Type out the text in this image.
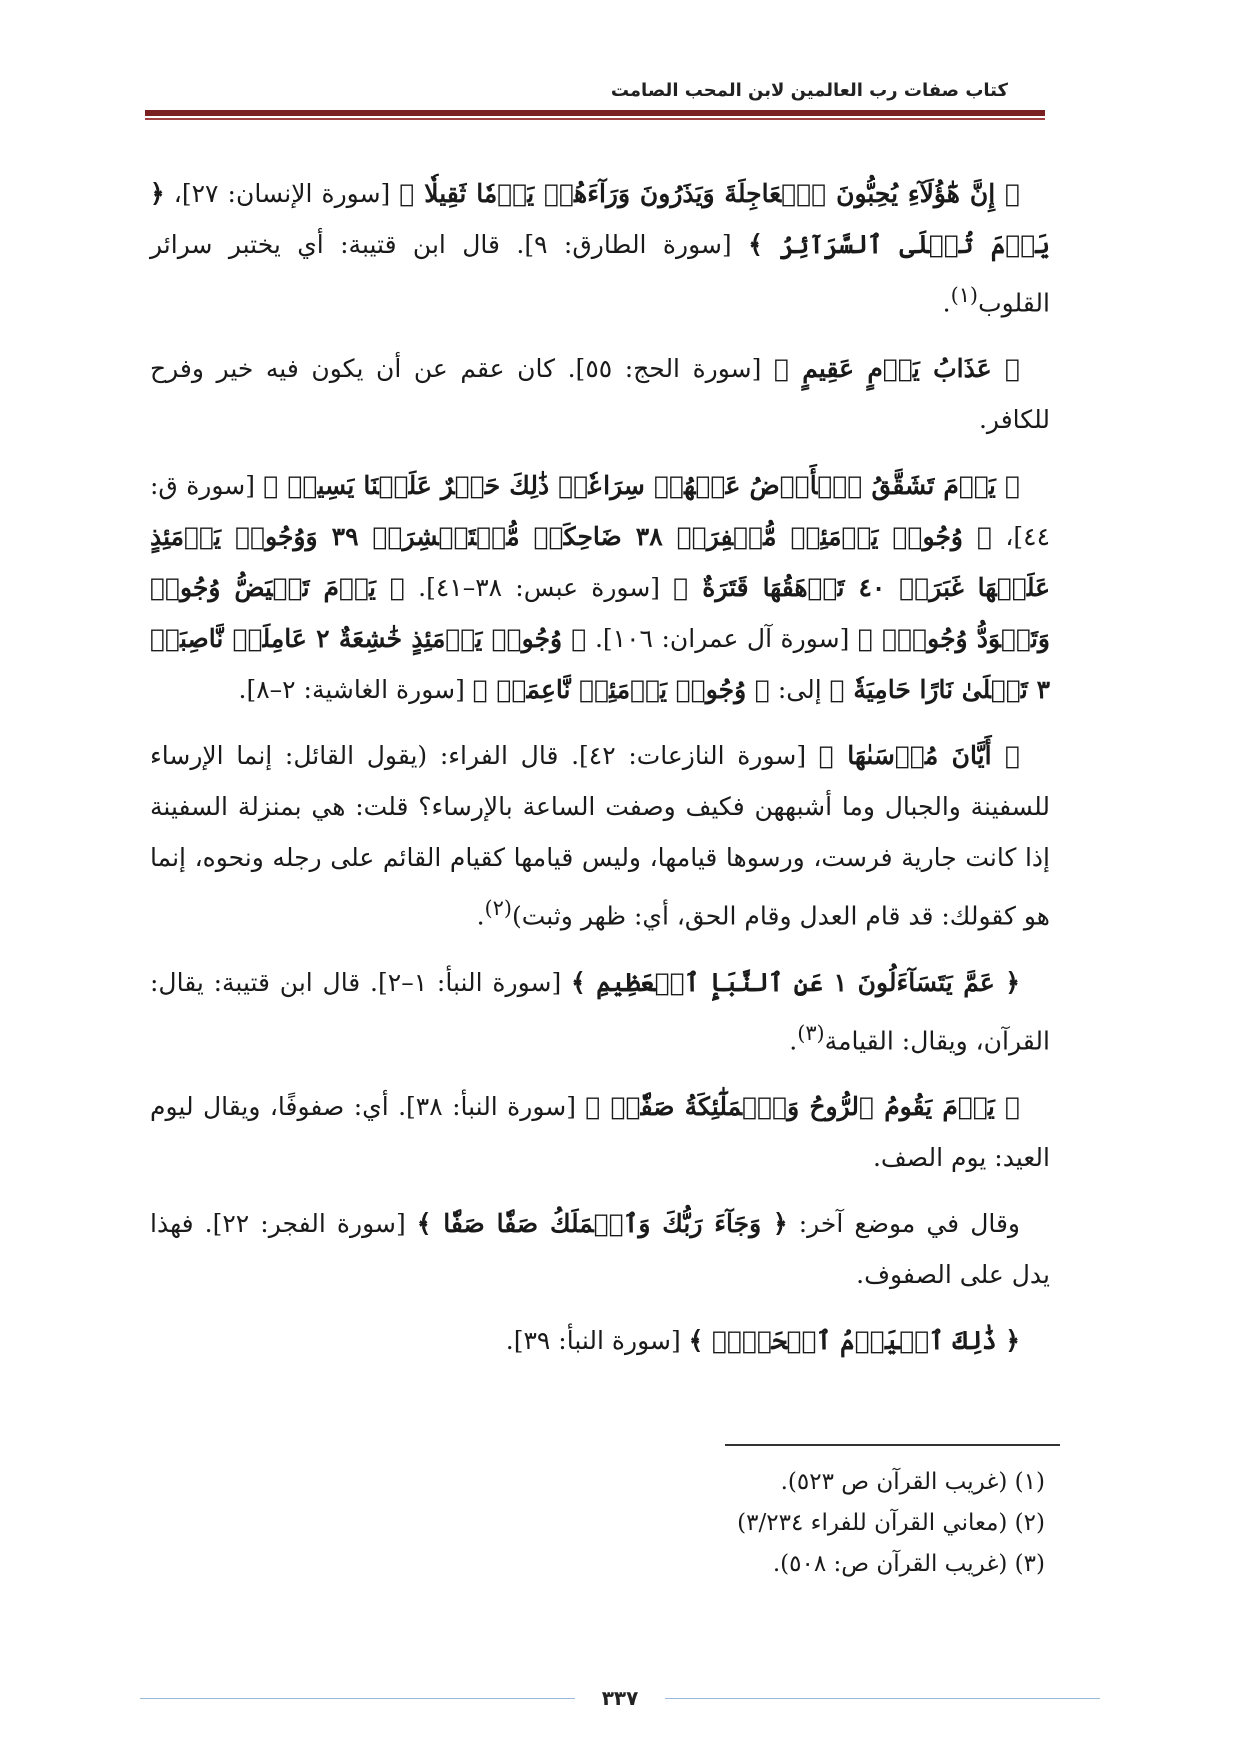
كتاب صفات رب العالمين لابن المحب الصامت

﴿ إِنَّ هَٰٓؤُلَآءِ يُحِبُّونَ ٱلۡعَاجِلَةَ وَيَذَرُونَ وَرَآءَهُمۡ يَوۡمٗا ثَقِيلٗا ﴾ [سورة الإنسان: ٢٧]، ﴿ يَوۡمَ تُبۡلَى ٱلسَّرَآئِرُ ﴾ [سورة الطارق: ٩]. قال ابن قتيبة: أي يختبر سرائر القلوب$^{(١)}$.

﴿ عَذَابُ يَوۡمٍ عَقِيمٍ ﴾ [سورة الحج: ٥٥]. كان عقم عن أن يكون فيه خير وفرح للكافر.

﴿ يَوۡمَ تَشَقَّقُ ٱلۡأَرۡضُ عَنۡهُمۡ سِرَاعٗاۚ ذَٰلِكَ حَشۡرٌ عَلَيۡنَا يَسِيرٞ ﴾ [سورة ق: ٤٤]، ﴿ وُجُوهٞ يَوۡمَئِذٖ مُّسۡفِرَةٞ ٣٨ ضَاحِكَةٞ مُّسۡتَبۡشِرَةٞ ٣٩ وَوُجُوهٞ يَوۡمَئِذٍ عَلَيۡهَا غَبَرَةٞ ٤٠ تَرۡهَقُهَا قَتَرَةٌ ﴾ [سورة عبس: ٣٨–٤١]. ﴿ يَوۡمَ تَبۡيَضُّ وُجُوهٞ وَتَسۡوَدُّ وُجُوهٞۚ ﴾ [سورة آل عمران: ١٠٦]. ﴿ وُجُوهٞ يَوۡمَئِذٍ خَٰشِعَةٌ ٢ عَامِلَةٞ نَّاصِبَةٞ ٣ تَصۡلَىٰ نَارًا حَامِيَةٗ ﴾ إلى: ﴿ وُجُوهٞ يَوۡمَئِذٖ نَّاعِمَةٞ ﴾ [سورة الغاشية: ٢–٨].

﴿ أَيَّانَ مُرۡسَىٰهَا ﴾ [سورة النازعات: ٤٢]. قال الفراء: (يقول القائل: إنما الإرساء للسفينة والجبال وما أشبههن فكيف وصفت الساعة بالإرساء؟ قلت: هي بمنزلة السفينة إذا كانت جارية فرست، ورسوها قيامها، وليس قيامها كقيام القائم على رجله ونحوه، إنما هو كقولك: قد قام العدل وقام الحق، أي: ظهر وثبت)$^{(٢)}$.

﴿ عَمَّ يَتَسَآءَلُونَ ١ عَنِ ٱلنَّبَإِ ٱلۡعَظِيمِ ﴾ [سورة النبأ: ١–٢]. قال ابن قتيبة: يقال: القرآن، ويقال: القيامة$^{(٣)}$.

﴿ يَوۡمَ يَقُومُ ٱلرُّوحُ وَٱلۡمَلَٰٓئِكَةُ صَفّٗاۖ ﴾ [سورة النبأ: ٣٨]. أي: صفوفًا، ويقال ليوم العيد: يوم الصف.

وقال في موضع آخر: ﴿ وَجَآءَ رَبُّكَ وَٱلۡمَلَكُ صَفّٗا صَفّٗا ﴾ [سورة الفجر: ٢٢]. فهذا يدل على الصفوف.

﴿ ذَٰلِكَ ٱلۡيَوۡمُ ٱلۡحَقُّۖ ﴾ [سورة النبأ: ٣٩].

(١) (غريب القرآن ص ٥٢٣).
(٢) (معاني القرآن للفراء ٣/٢٣٤)
(٣) (غريب القرآن ص: ٥٠٨).
٣٣٧
